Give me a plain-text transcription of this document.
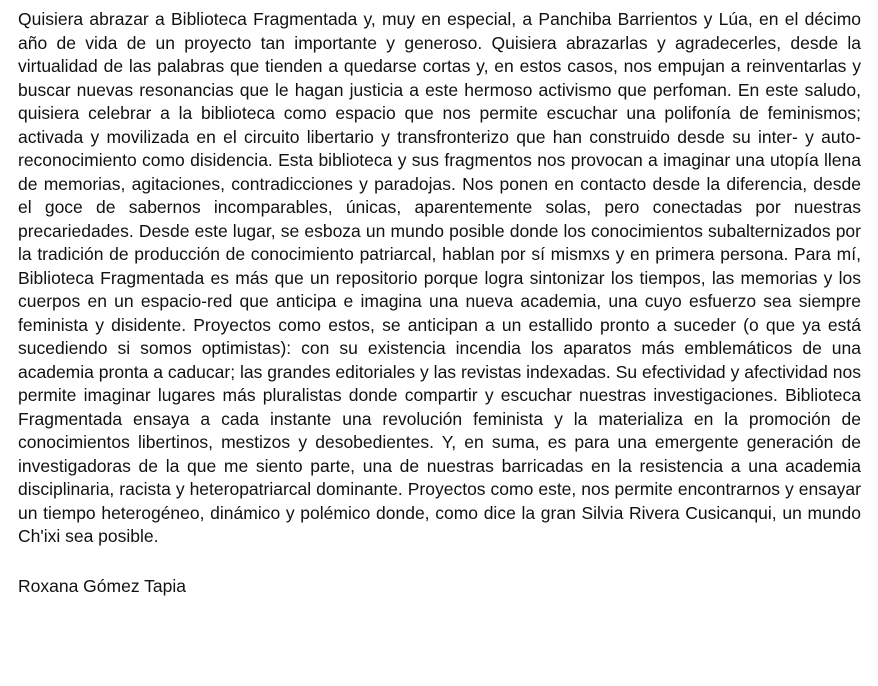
Quisiera abrazar a Biblioteca Fragmentada y, muy en especial, a Panchiba Barrientos y Lúa, en el décimo año de vida de un proyecto tan importante y generoso. Quisiera abrazarlas y agradecerles, desde la virtualidad de las palabras que tienden a quedarse cortas y, en estos casos, nos empujan a reinventarlas y buscar nuevas resonancias que le hagan justicia a este hermoso activismo que perfoman. En este saludo, quisiera celebrar a la biblioteca como espacio que nos permite escuchar una polifonía de feminismos; activada y movilizada en el circuito libertario y transfronterizo que han construido desde su inter- y auto- reconocimiento como disidencia. Esta biblioteca y sus fragmentos nos provocan a imaginar una utopía llena de memorias, agitaciones, contradicciones y paradojas. Nos ponen en contacto desde la diferencia, desde el goce de sabernos incomparables, únicas, aparentemente solas, pero conectadas por nuestras precariedades. Desde este lugar, se esboza un mundo posible donde los conocimientos subalternizados por la tradición de producción de conocimiento patriarcal, hablan por sí mismxs y en primera persona. Para mí, Biblioteca Fragmentada es más que un repositorio porque logra sintonizar los tiempos, las memorias y los cuerpos en un espacio-red que anticipa e imagina una nueva academia, una cuyo esfuerzo sea siempre feminista y disidente. Proyectos como estos, se anticipan a un estallido pronto a suceder (o que ya está sucediendo si somos optimistas): con su existencia incendia los aparatos más emblemáticos de una academia pronta a caducar; las grandes editoriales y las revistas indexadas. Su efectividad y afectividad nos permite imaginar lugares más pluralistas donde compartir y escuchar nuestras investigaciones. Biblioteca Fragmentada ensaya a cada instante una revolución feminista y la materializa en la promoción de conocimientos libertinos, mestizos y desobedientes. Y, en suma, es para una emergente generación de investigadoras de la que me siento parte, una de nuestras barricadas en la resistencia a una academia disciplinaria, racista y heteropatriarcal dominante. Proyectos como este, nos permite encontrarnos y ensayar un tiempo heterogéneo, dinámico y polémico donde, como dice la gran Silvia Rivera Cusicanqui, un mundo Ch'ixi sea posible.

Roxana Gómez Tapia
